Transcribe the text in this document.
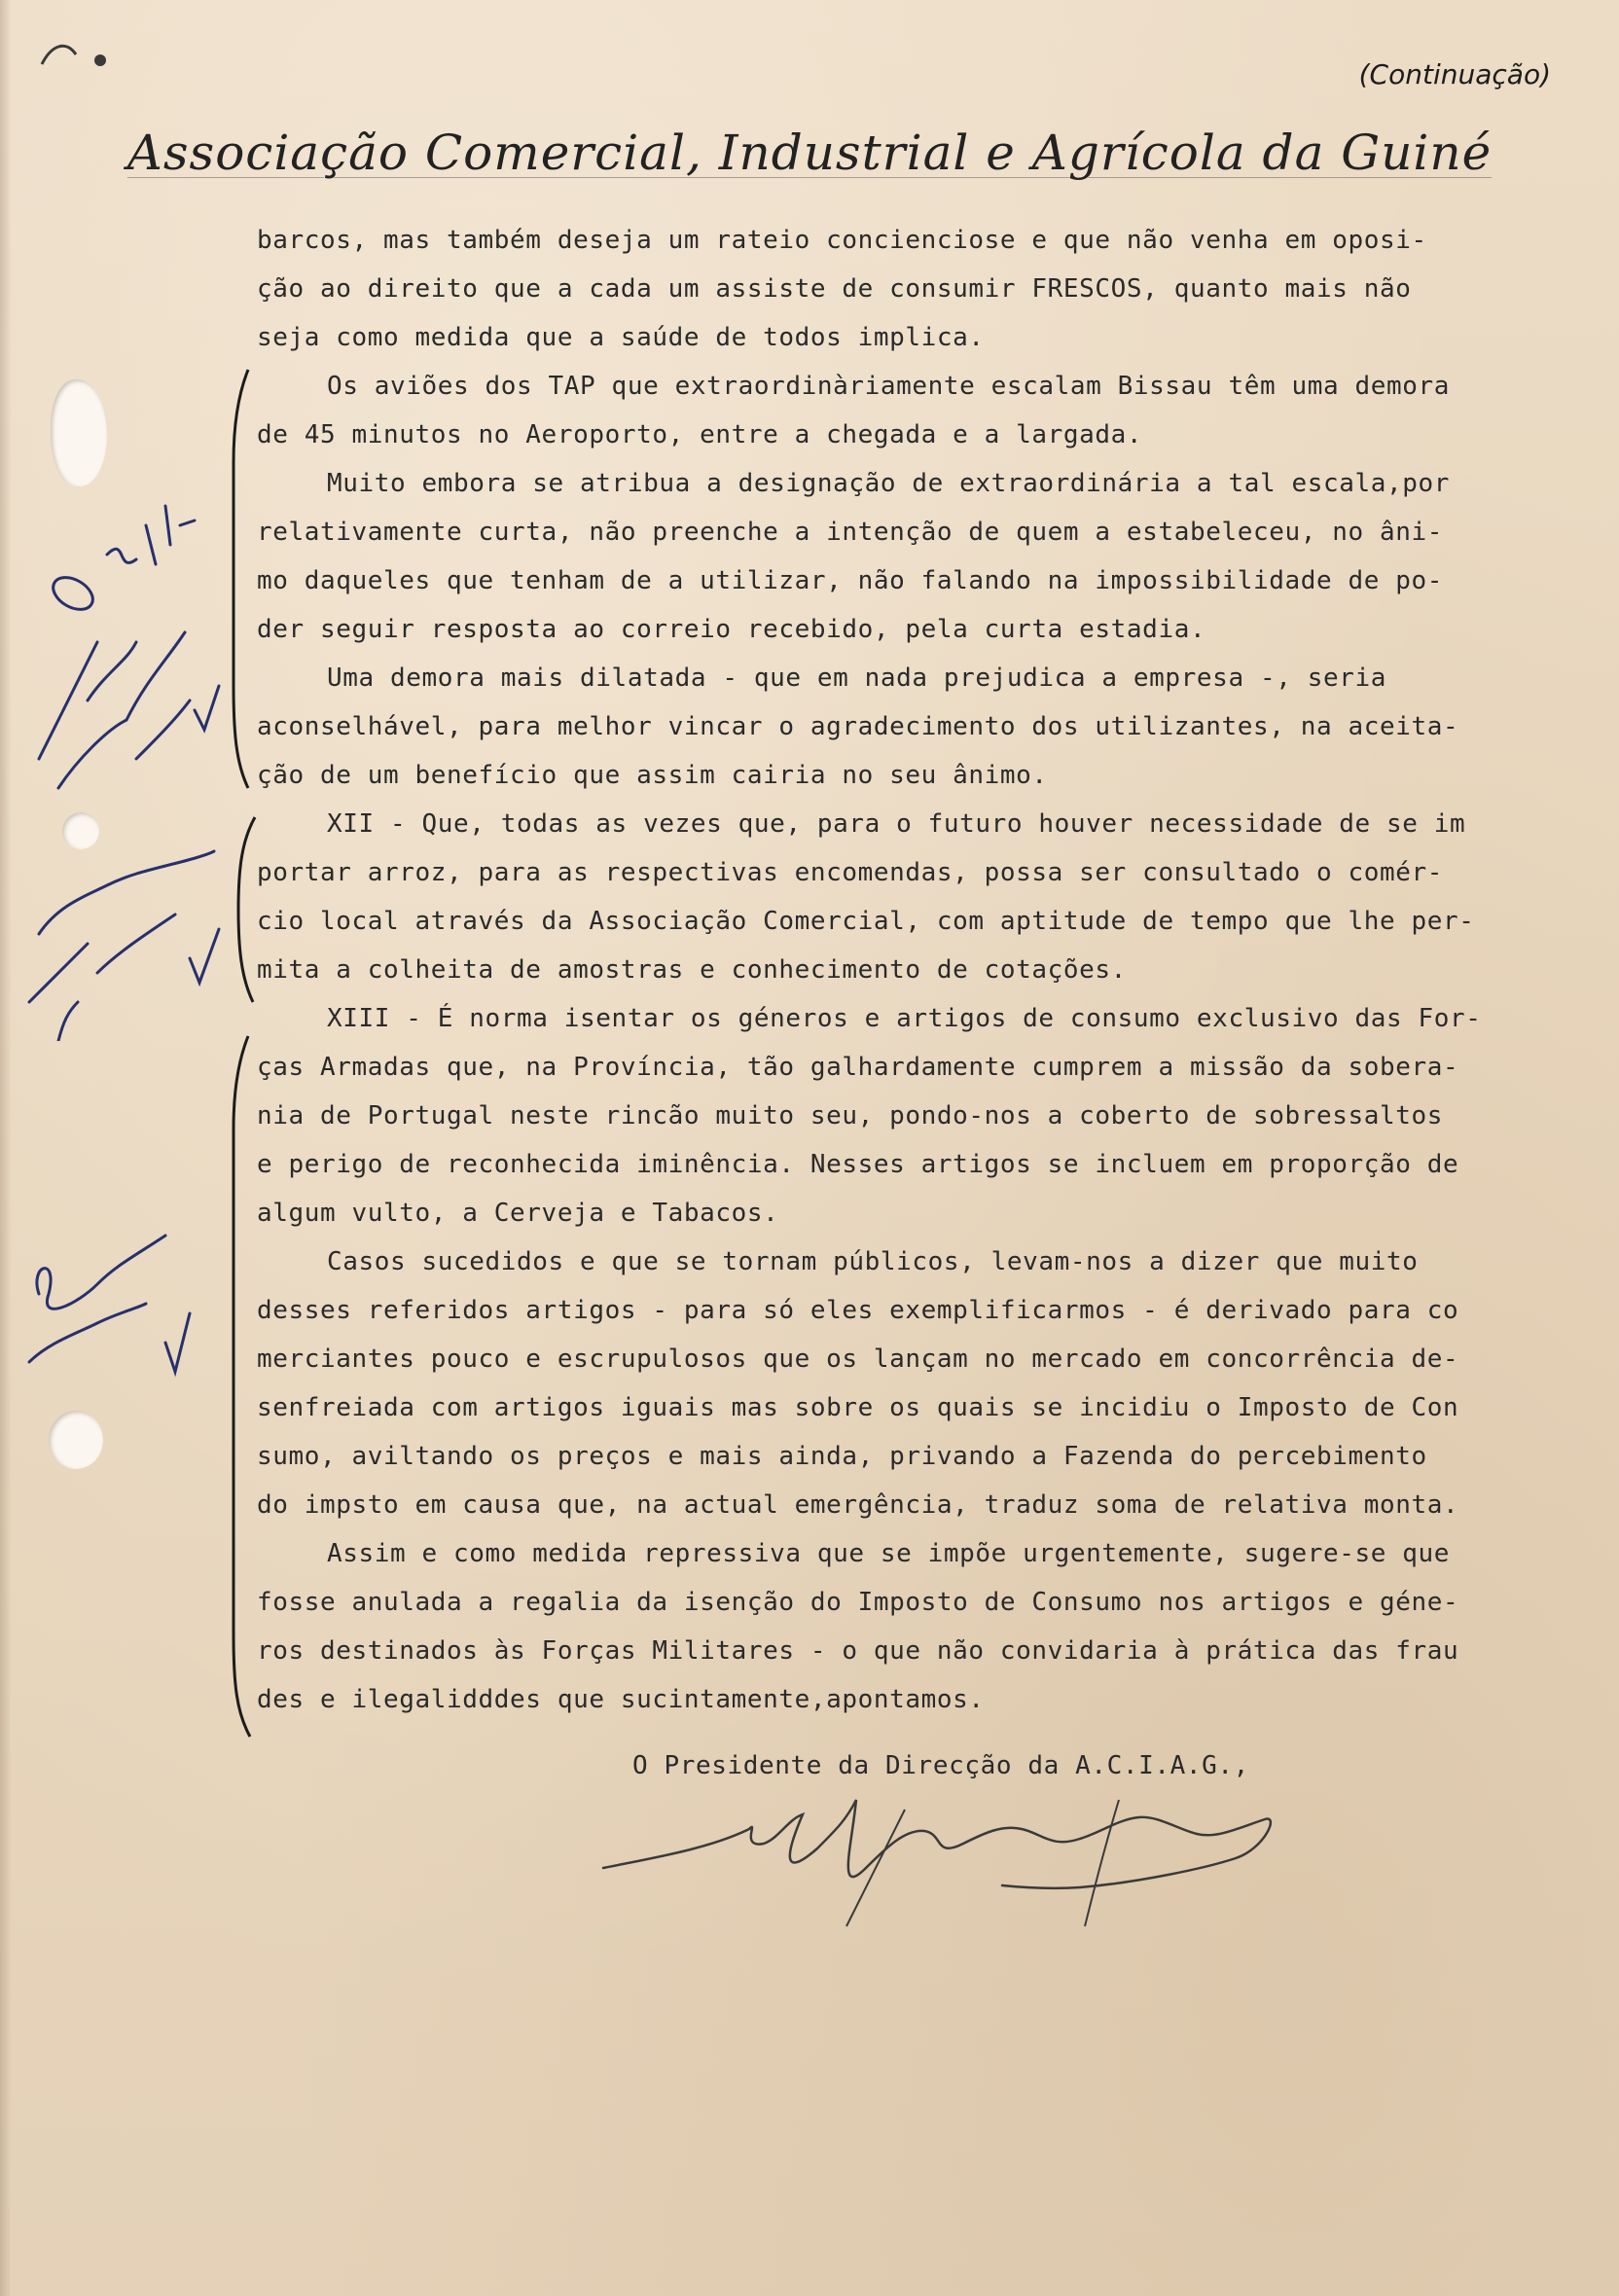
(Continuação)
Associação Comercial, Industrial e Agrícola da Guiné
barcos, mas também deseja um rateio concienciose e que não venha em oposi-
ção ao direito que a cada um assiste de consumir FRESCOS, quanto mais não
seja como medida que a saúde de todos implica.
Os aviões dos TAP que extraordinàriamente escalam Bissau têm uma demora
de 45 minutos no Aeroporto, entre a chegada e a largada.
Muito embora se atribua a designação de extraordinária a tal escala,por
relativamente curta, não preenche a intenção de quem a estabeleceu, no âni-
mo daqueles que tenham de a utilizar, não falando na impossibilidade de po-
der seguir resposta ao correio recebido, pela curta estadia.
Uma demora mais dilatada - que em nada prejudica a empresa -, seria
aconselhável, para melhor vincar o agradecimento dos utilizantes, na aceita-
ção de um benefício que assim cairia no seu ânimo.
XII - Que, todas as vezes que, para o futuro houver necessidade de se im
portar arroz, para as respectivas encomendas, possa ser consultado o comér-
cio local através da Associação Comercial, com aptitude de tempo que lhe per-
mita a colheita de amostras e conhecimento de cotações.
XIII - É norma isentar os géneros e artigos de consumo exclusivo das For-
ças Armadas que, na Província, tão galhardamente cumprem a missão da sobera-
nia de Portugal neste rincão muito seu, pondo-nos a coberto de sobressaltos
e perigo de reconhecida iminência. Nesses artigos se incluem em proporção de
algum vulto, a Cerveja e Tabacos.
Casos sucedidos e que se tornam públicos, levam-nos a dizer que muito
desses referidos artigos - para só eles exemplificarmos - é derivado para co
merciantes pouco e escrupulosos que os lançam no mercado em concorrência de-
senfreiada com artigos iguais mas sobre os quais se incidiu o Imposto de Con
sumo, aviltando os preços e mais ainda, privando a Fazenda do percebimento
do impsto em causa que, na actual emergência, traduz soma de relativa monta.
Assim e como medida repressiva que se impõe urgentemente, sugere-se que
fosse anulada a regalia da isenção do Imposto de Consumo nos artigos e géne-
ros destinados às Forças Militares - o que não convidaria à prática das frau
des e ilegalidddes que sucintamente,apontamos.
O Presidente da Direcção da A.C.I.A.G.,
